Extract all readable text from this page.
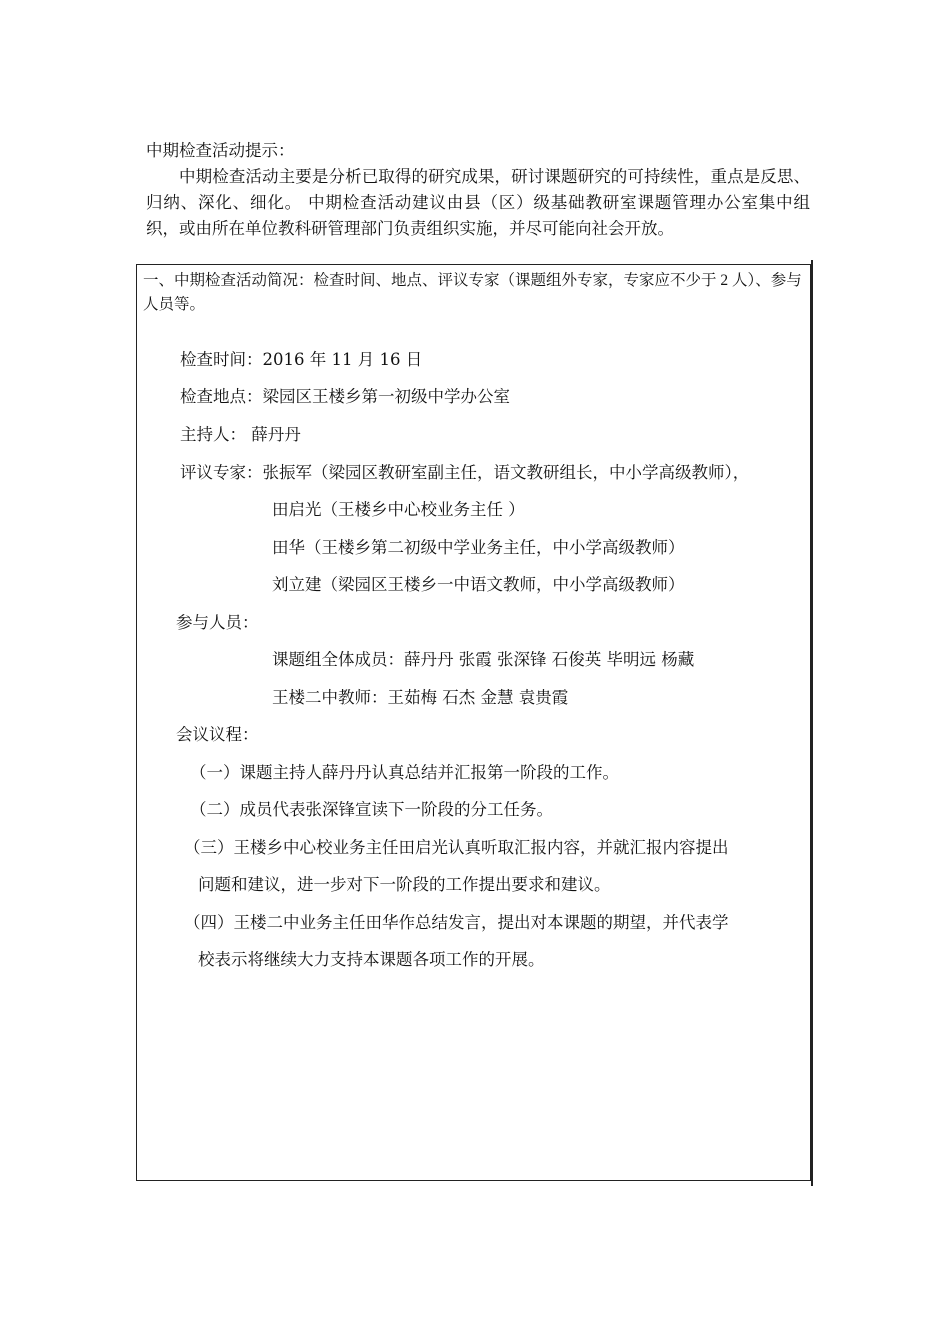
中期检查活动提示：
中期检查活动主要是分析已取得的研究成果，研讨课题研究的可持续性，重点是反思、归纳、深化、细化。 中期检查活动建议由县（区）级基础教研室课题管理办公室集中组织，或由所在单位教科研管理部门负责组织实施，并尽可能向社会开放。
一、中期检查活动简况：检查时间、地点、评议专家（课题组外专家，专家应不少于 2 人）、参与人员等。
检查时间：2016 年 11 月 16 日
检查地点：梁园区王楼乡第一初级中学办公室
主持人： 薛丹丹
评议专家：张振军（梁园区教研室副主任，语文教研组长，中小学高级教师），
田启光（王楼乡中心校业务主任 ）
田华（王楼乡第二初级中学业务主任，中小学高级教师）
刘立建（梁园区王楼乡一中语文教师，中小学高级教师）
参与人员：
课题组全体成员：薛丹丹 张霞 张深锋 石俊英 毕明远 杨藏
王楼二中教师：王茹梅 石杰 金慧 袁贵霞
会议议程：
（一）课题主持人薛丹丹认真总结并汇报第一阶段的工作。
（二）成员代表张深锋宣读下一阶段的分工任务。
（三）王楼乡中心校业务主任田启光认真听取汇报内容，并就汇报内容提出
问题和建议，进一步对下一阶段的工作提出要求和建议。
（四）王楼二中业务主任田华作总结发言，提出对本课题的期望，并代表学
校表示将继续大力支持本课题各项工作的开展。
